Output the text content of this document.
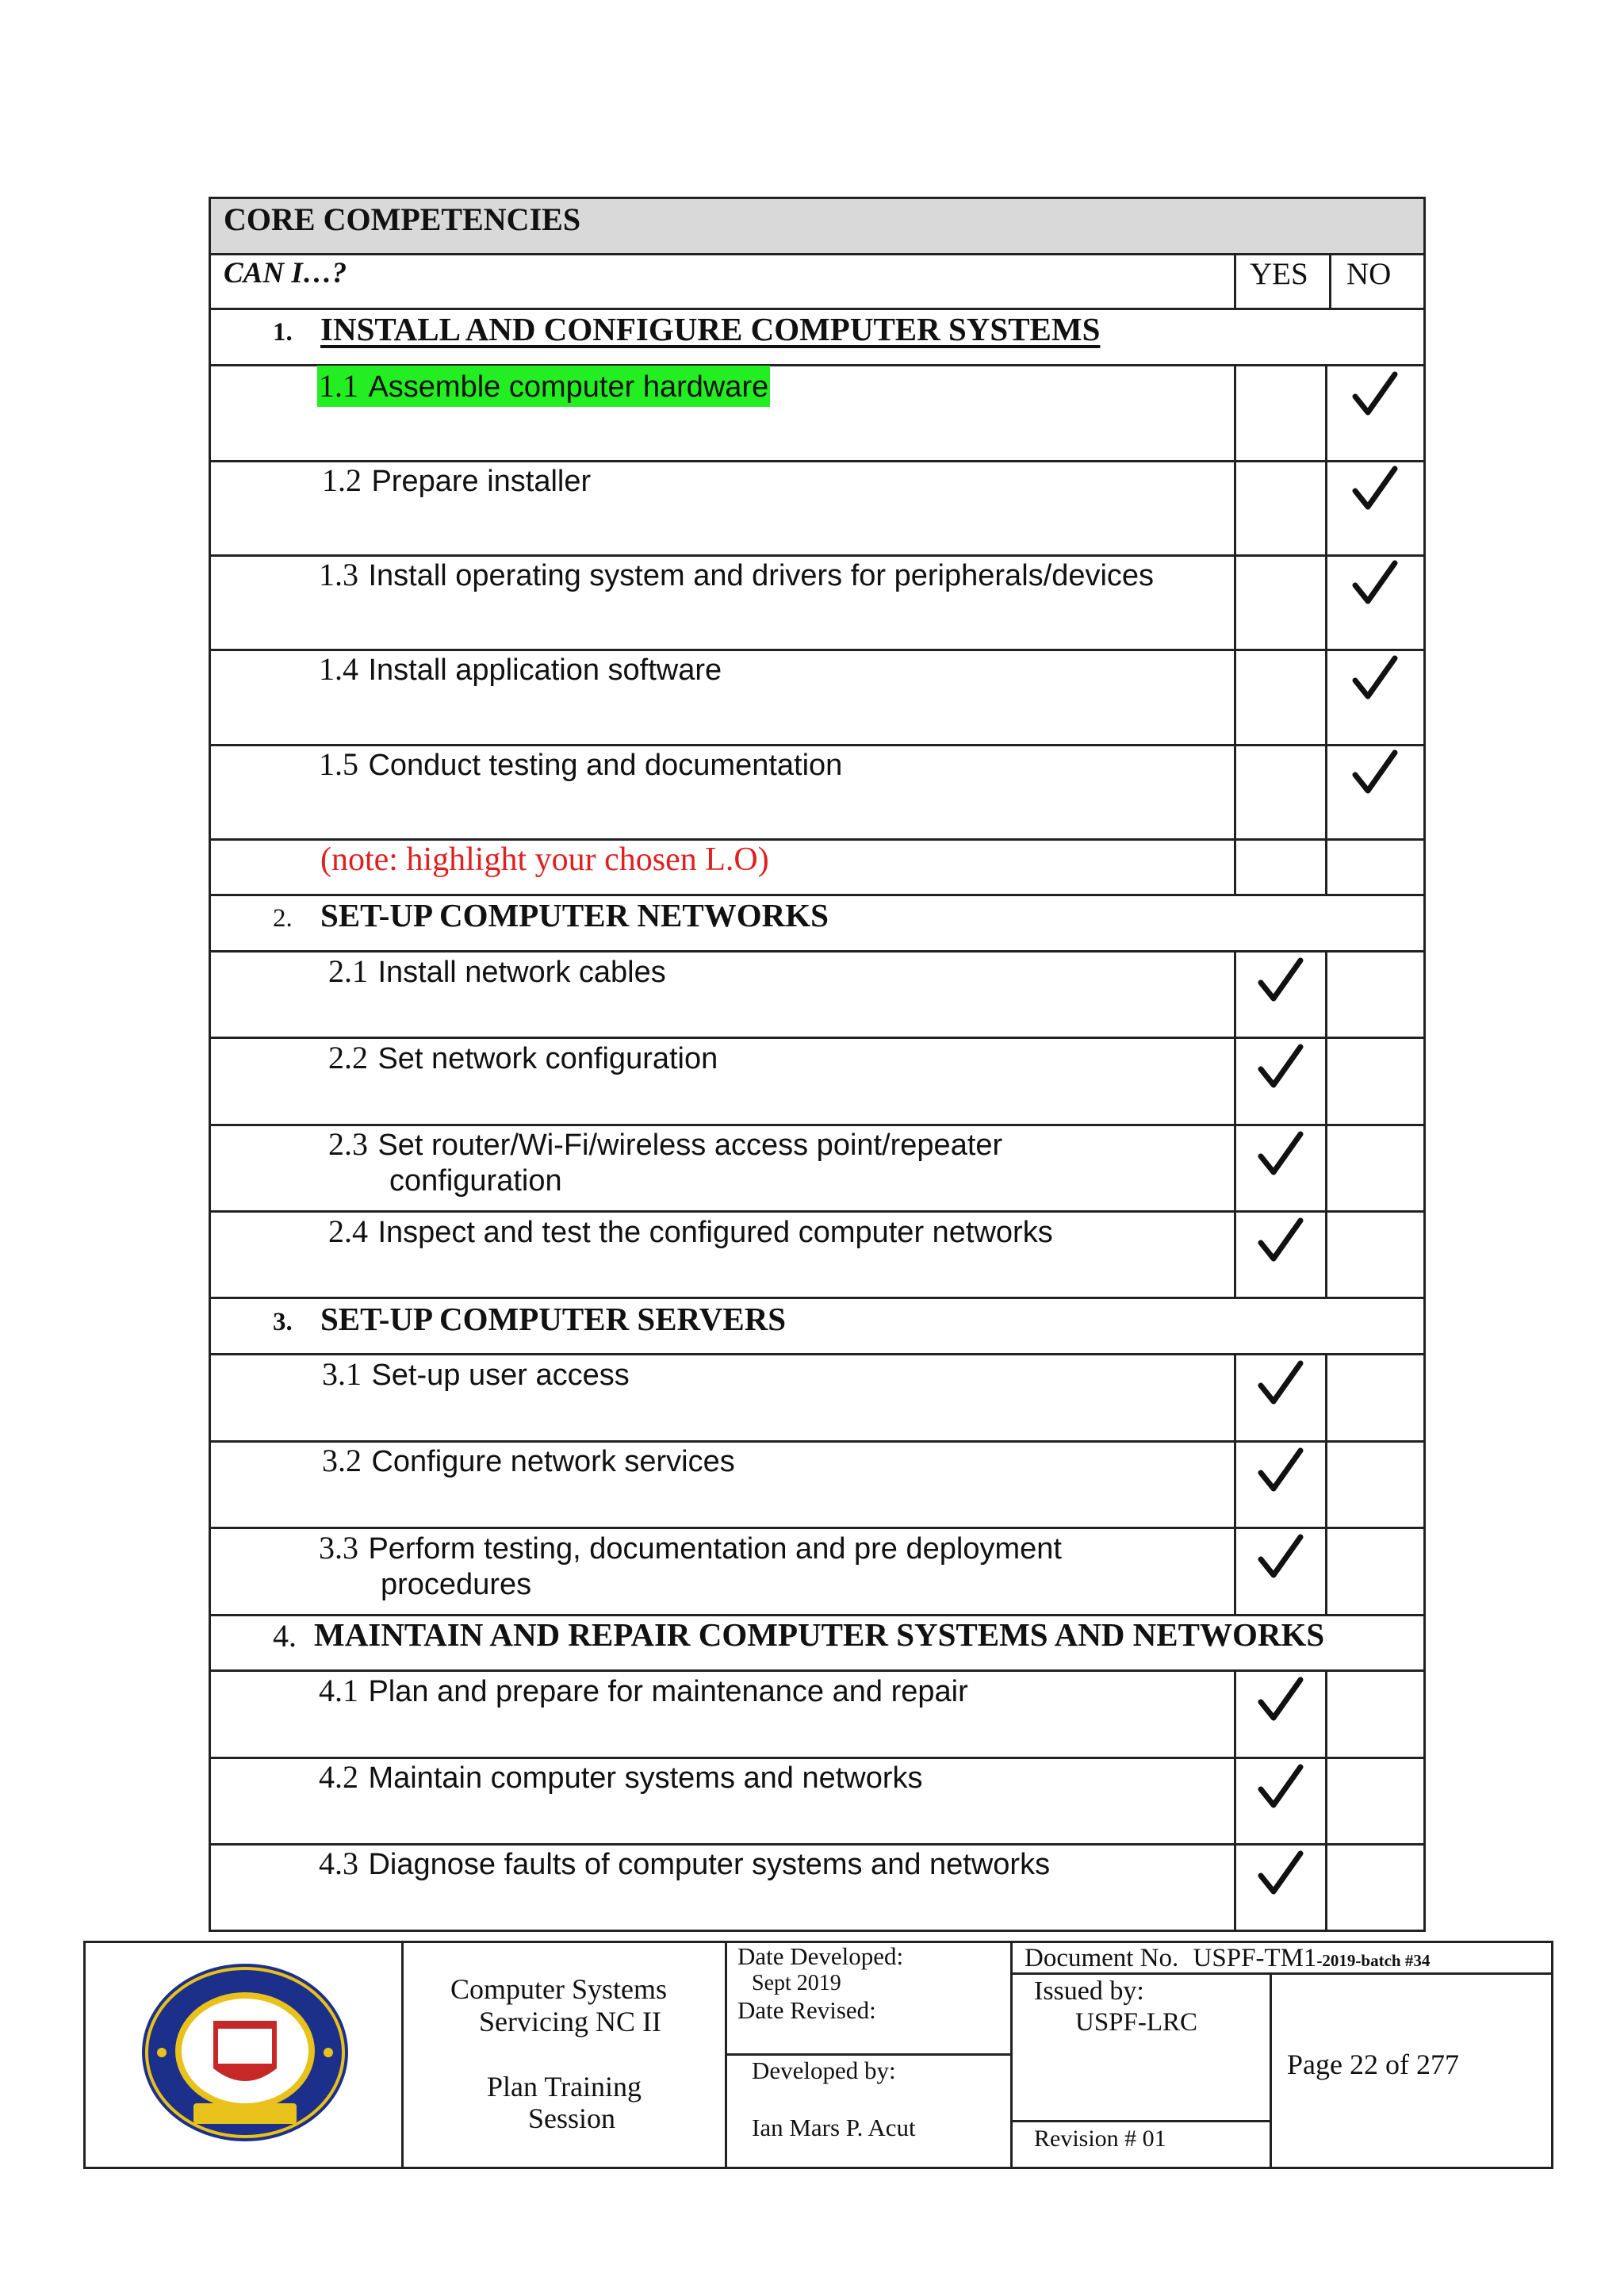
CORE COMPETENCIES
CAN I…?	YES NO
1. INSTALL AND CONFIGURE COMPUTER SYSTEMS
1.1 Assemble computer hardware
1.2 Prepare installer
1.3 Install operating system and drivers for peripherals/devices
1.4 Install application software
1.5 Conduct testing and documentation
(note: highlight your chosen L.O)
2. SET-UP COMPUTER NETWORKS
2.1 Install network cables
2.2 Set network configuration
2.3 Set router/Wi-Fi/wireless access point/repeater
configuration
2.4 Inspect and test the configured computer networks
3. SET-UP COMPUTER SERVERS
3.1 Set-up user access
3.2 Configure network services
3.3 Perform testing, documentation and pre deployment
procedures
4. MAINTAIN AND REPAIR COMPUTER SYSTEMS AND NETWORKS
4.1 Plan and prepare for maintenance and repair
4.2 Maintain computer systems and networks
4.3 Diagnose faults of computer systems and networks
Computer Systems
Servicing NC II
Plan Training
Session
Date Developed:
Sept 2019
Date Revised:
Developed by:
Ian Mars P. Acut
Document No. USPF-TM1-2019-batch #34
Issued by:
USPF-LRC
Revision # 01
Page 22 of 277
